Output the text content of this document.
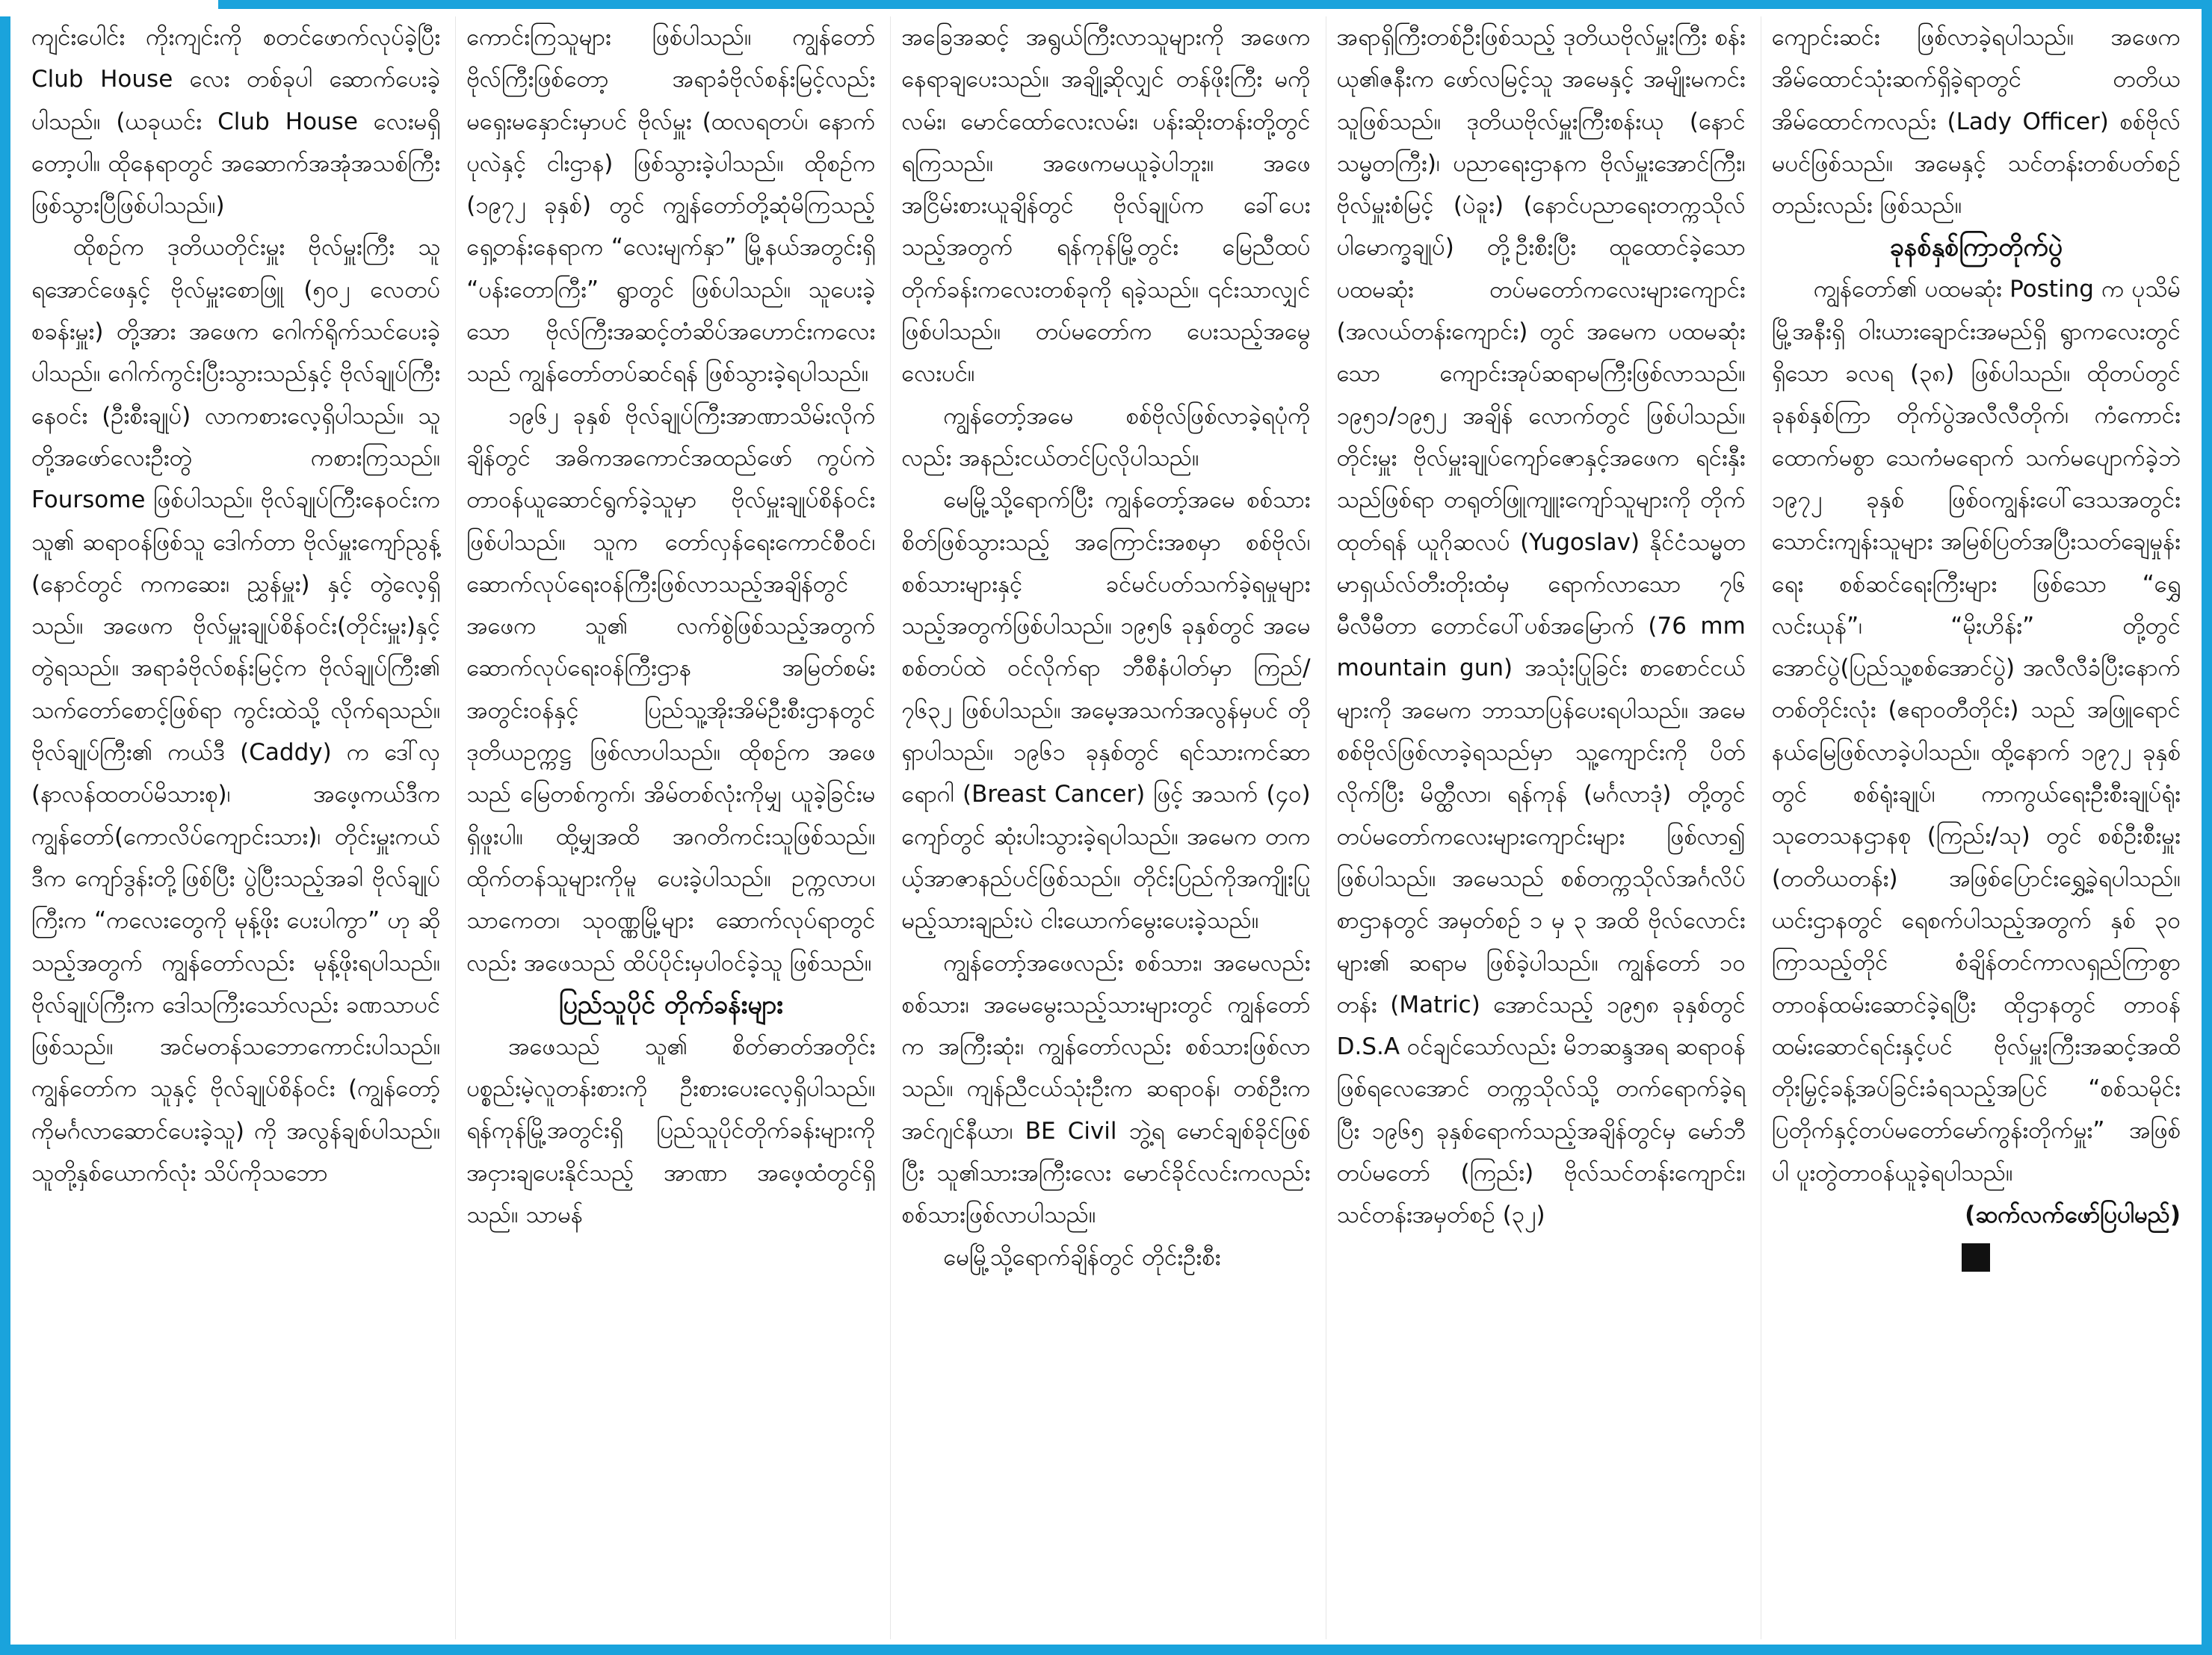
ကျင်းပေါင်း ကိုးကျင်းကို စတင်ဖောက်လုပ်ခဲ့ပြီး Club House လေး တစ်ခုပါ ဆောက်ပေးခဲ့ပါသည်။ (ယခုယင်း Club House လေးမရှိတော့ပါ။ ထိုနေရာတွင် အဆောက်အအုံအသစ်ကြီးဖြစ်သွားပြီဖြစ်ပါသည်။)

ထိုစဉ်က ဒုတိယတိုင်းမှူး ဗိုလ်မှူးကြီး သူရအောင်ဖေနှင့် ဗိုလ်မှူးစောဖြူ (၅၀၂ လေတပ်စခန်းမှူး) တို့အား အဖေက ဂေါက်ရိုက်သင်ပေးခဲ့ပါသည်။ ဂေါက်ကွင်းပြီးသွားသည်နှင့် ဗိုလ်ချုပ်ကြီးနေဝင်း (ဦးစီးချုပ်) လာကစားလေ့ရှိပါသည်။ သူတို့အဖော်လေးဦးတွဲ ကစားကြသည်။ Foursome ဖြစ်ပါသည်။ ဗိုလ်ချုပ်ကြီးနေဝင်းက သူ၏ ဆရာဝန်ဖြစ်သူ ဒေါက်တာ ဗိုလ်မှူးကျော်ညွန့် (နောင်တွင် ကကဆေး၊ ညွှန်မှူး) နှင့် တွဲလေ့ရှိသည်။ အဖေက ဗိုလ်မှူးချုပ်စိန်ဝင်း(တိုင်းမှူး)နှင့် တွဲရသည်။ အရာခံဗိုလ်စန်းမြင့်က ဗိုလ်ချုပ်ကြီး၏ သက်တော်စောင့်ဖြစ်ရာ ကွင်းထဲသို့ လိုက်ရသည်။ ဗိုလ်ချုပ်ကြီး၏ ကယ်ဒီ (Caddy) က ဒေါ်လှ (နာလန်ထတပ်မိသားစု)၊ အဖေ့ကယ်ဒီက ကျွန်တော်(ကောလိပ်ကျောင်းသား)၊ တိုင်းမှူးကယ်ဒီက ကျော်ဒွန်းတို့ဖြစ်ပြီး ပွဲပြီးသည့်အခါ ဗိုလ်ချုပ်ကြီးက “ကလေးတွေကို မုန့်ဖိုး ပေးပါကွာ” ဟု ဆိုသည့်အတွက် ကျွန်တော်လည်း မုန့်ဖိုးရပါသည်။ ဗိုလ်ချုပ်ကြီးက ဒေါသကြီးသော်လည်း ခဏသာပင်ဖြစ်သည်။ အင်မတန်သဘောကောင်းပါသည်။ ကျွန်တော်က သူနှင့် ဗိုလ်ချုပ်စိန်ဝင်း (ကျွန်တော့်ကိုမင်္ဂလာဆောင်ပေးခဲ့သူ) ကို အလွန်ချစ်ပါသည်။ သူတို့နှစ်ယောက်လုံး သိပ်ကိုသဘော

ကောင်းကြသူများ ဖြစ်ပါသည်။ ကျွန်တော်ဗိုလ်ကြီးဖြစ်တော့ အရာခံဗိုလ်စန်းမြင့်လည်း မရှေးမနှောင်းမှာပင် ဗိုလ်မှူး (ထလရတပ်၊ နောက်ပုလဲနှင့် ငါးဌာန) ဖြစ်သွားခဲ့ပါသည်။ ထိုစဉ်က (၁၉၇၂ ခုနှစ်) တွင် ကျွန်တော်တို့ဆုံမိကြသည့် ရှေ့တန်းနေရာက “လေးမျက်နှာ” မြို့နယ်အတွင်းရှိ “ပန်းတောကြီး” ရွာတွင် ဖြစ်ပါသည်။ သူပေးခဲ့သော ဗိုလ်ကြီးအဆင့်တံဆိပ်အဟောင်းကလေးသည် ကျွန်တော်တပ်ဆင်ရန် ဖြစ်သွားခဲ့ရပါသည်။

၁၉၆၂ ခုနှစ် ဗိုလ်ချုပ်ကြီးအာဏာသိမ်းလိုက်ချိန်တွင် အဓိကအကောင်အထည်ဖော် ကွပ်ကဲတာဝန်ယူဆောင်ရွက်ခဲ့သူမှာ ဗိုလ်မှူးချုပ်စိန်ဝင်း ဖြစ်ပါသည်။ သူက တော်လှန်ရေးကောင်စီဝင်၊ ဆောက်လုပ်ရေးဝန်ကြီးဖြစ်လာသည့်အချိန်တွင် အဖေက သူ၏ လက်စွဲဖြစ်သည့်အတွက် ဆောက်လုပ်ရေးဝန်ကြီးဌာန အမြတ်စမ်းအတွင်းဝန်နှင့် ပြည်သူ့အိုးအိမ်ဦးစီးဌာနတွင် ဒုတိယဥက္ကဋ္ဌ ဖြစ်လာပါသည်။ ထိုစဉ်က အဖေသည် မြေတစ်ကွက်၊ အိမ်တစ်လုံးကိုမျှ ယူခဲ့ခြင်းမရှိဖူးပါ။ ထို့မျှအထိ အဂတိကင်းသူဖြစ်သည်။ ထိုက်တန်သူများကိုမူ ပေးခဲ့ပါသည်။ ဥက္ကလာပ၊ သာကေတ၊ သုဝဏ္ဏမြို့များ ဆောက်လုပ်ရာတွင်လည်း အဖေသည် ထိပ်ပိုင်းမှပါဝင်ခဲ့သူ ဖြစ်သည်။

ပြည်သူပိုင် တိုက်ခန်းများ

အဖေသည် သူ၏ စိတ်ဓာတ်အတိုင်း ပစ္စည်းမဲ့လူတန်းစားကို ဦးစားပေးလေ့ရှိပါသည်။ ရန်ကုန်မြို့အတွင်းရှိ ပြည်သူပိုင်တိုက်ခန်းများကို အငှားချပေးနိုင်သည့် အာဏာ အဖေ့ထံတွင်ရှိသည်။ သာမန်

အခြေအဆင့် အရွယ်ကြီးလာသူများကို အဖေက နေရာချပေးသည်။ အချို့ဆိုလျှင် တန်ဖိုးကြီး မကိုလမ်း၊ မောင်ထော်လေးလမ်း၊ ပန်းဆိုးတန်းတို့တွင် ရကြသည်။ အဖေကမယူခဲ့ပါဘူး။ အဖေအငြိမ်းစားယူချိန်တွင် ဗိုလ်ချုပ်က ခေါ်ပေးသည့်အတွက် ရန်ကုန်မြို့တွင်း မြေညီထပ်တိုက်ခန်းကလေးတစ်ခုကို ရခဲ့သည်။ ၎င်းသာလျှင်ဖြစ်ပါသည်။ တပ်မတော်က ပေးသည့်အမွေလေးပင်။

ကျွန်တော့်အမေ စစ်ဗိုလ်ဖြစ်လာခဲ့ရပုံကိုလည်း အနည်းငယ်တင်ပြလိုပါသည်။

မေမြို့သို့ရောက်ပြီး ကျွန်တော့်အမေ စစ်သားစိတ်ဖြစ်သွားသည့် အကြောင်းအစမှာ စစ်ဗိုလ်၊ စစ်သားများနှင့် ခင်မင်ပတ်သက်ခဲ့ရမှုများသည့်အတွက်ဖြစ်ပါသည်။ ၁၉၅၆ ခုနှစ်တွင် အမေစစ်တပ်ထဲ ဝင်လိုက်ရာ ဘီစီနံပါတ်မှာ ကြည်/၇၆၃၂ ဖြစ်ပါသည်။ အမေ့အသက်အလွန်မှပင် တိုရှာပါသည်။ ၁၉၆၁ ခုနှစ်တွင် ရင်သားကင်ဆာရောဂါ (Breast Cancer) ဖြင့် အသက် (၄၀) ကျော်တွင် ဆုံးပါးသွားခဲ့ရပါသည်။ အမေက တကယ့်အာဇာနည်ပင်ဖြစ်သည်။ တိုင်းပြည်ကိုအကျိုးပြုမည့်သားချည်းပဲ ငါးယောက်မွေးပေးခဲ့သည်။

ကျွန်တော့်အဖေလည်း စစ်သား၊ အမေလည်း စစ်သား၊ အမေမွေးသည့်သားများတွင် ကျွန်တော်က အကြီးဆုံး၊ ကျွန်တော်လည်း စစ်သားဖြစ်လာသည်။ ကျန်ညီငယ်သုံးဦးက ဆရာဝန်၊ တစ်ဦးက အင်ဂျင်နီယာ၊ BE Civil ဘွဲ့ရ မောင်ချစ်ခိုင်ဖြစ်ပြီး သူ၏သားအကြီးလေး မောင်ခိုင်လင်းကလည်း စစ်သားဖြစ်လာပါသည်။

မေမြို့သို့ရောက်ချိန်တွင် တိုင်းဦးစီး

အရာရှိကြီးတစ်ဦးဖြစ်သည့် ဒုတိယဗိုလ်မှူးကြီး စန်းယု၏ဇနီးက ဖော်လမြင့်သူ အမေနှင့် အမျိုးမကင်းသူဖြစ်သည်။ ဒုတိယဗိုလ်မှူးကြီးစန်းယု (နောင်သမ္မတကြီး)၊ ပညာရေးဌာနက ဗိုလ်မှူးအောင်ကြီး၊ ဗိုလ်မှူးစံမြင့် (ပဲခူး) (နောင်ပညာရေးတက္ကသိုလ်ပါမောက္ခချုပ်) တို့ဦးစီးပြီး ထူထောင်ခဲ့သော ပထမဆုံး တပ်မတော်ကလေးများကျောင်း (အလယ်တန်းကျောင်း) တွင် အမေက ပထမဆုံးသော ကျောင်းအုပ်ဆရာမကြီးဖြစ်လာသည်။ ၁၉၅၁/၁၉၅၂ အချိန် လောက်တွင် ဖြစ်ပါသည်။ တိုင်းမှူး ဗိုလ်မှူးချုပ်ကျော်ဇောနှင့်အဖေက ရင်းနှီးသည်ဖြစ်ရာ တရုတ်ဖြူကျူးကျော်သူများကို တိုက်ထုတ်ရန် ယူဂိုဆလပ် (Yugoslav) နိုင်ငံသမ္မတ မာရှယ်လ်တီးတိုးထံမှ ရောက်လာသော ၇၆ မီလီမီတာ တောင်ပေါ်ပစ်အမြောက် (76 mm mountain gun) အသုံးပြုခြင်း စာစောင်ငယ်များကို အမေက ဘာသာပြန်ပေးရပါသည်။ အမေစစ်ဗိုလ်ဖြစ်လာခဲ့ရသည်မှာ သူ့ကျောင်းကို ပိတ်လိုက်ပြီး မိတ္ထီလာ၊ ရန်ကုန် (မင်္ဂလာဒုံ) တို့တွင် တပ်မတော်ကလေးများကျောင်းများ ဖြစ်လာ၍ ဖြစ်ပါသည်။ အမေသည် စစ်တက္ကသိုလ်အင်္ဂလိပ်စာဌာနတွင် အမှတ်စဉ် ၁ မှ ၃ အထိ ဗိုလ်လောင်းများ၏ ဆရာမ ဖြစ်ခဲ့ပါသည်။ ကျွန်တော် ၁၀ တန်း (Matric) အောင်သည့် ၁၉၅၈ ခုနှစ်တွင် D.S.A ဝင်ချင်သော်လည်း မိဘဆန္ဒအရ ဆရာဝန်ဖြစ်ရလေအောင် တက္ကသိုလ်သို့ တက်ရောက်ခဲ့ရပြီး ၁၉၆၅ ခုနှစ်ရောက်သည့်အချိန်တွင်မှ မော်ဘီ တပ်မတော် (ကြည်း) ဗိုလ်သင်တန်းကျောင်း၊ သင်တန်းအမှတ်စဉ် (၃၂)

ကျောင်းဆင်း ဖြစ်လာခဲ့ရပါသည်။ အဖေက အိမ်ထောင်သုံးဆက်ရှိခဲ့ရာတွင် တတိယအိမ်ထောင်ကလည်း (Lady Officer) စစ်ဗိုလ်မပင်ဖြစ်သည်။ အမေနှင့် သင်တန်းတစ်ပတ်စဉ်တည်းလည်း ဖြစ်သည်။

ခုနစ်နှစ်ကြာတိုက်ပွဲ

ကျွန်တော်၏ ပထမဆုံး Posting က ပုသိမ်မြို့အနီးရှိ ဝါးယားချောင်းအမည်ရှိ ရွာကလေးတွင်ရှိသော ခလရ (၃၈) ဖြစ်ပါသည်။ ထိုတပ်တွင် ခုနစ်နှစ်ကြာ တိုက်ပွဲအလီလီတိုက်၊ ကံကောင်းထောက်မစွာ သေကံမရောက် သက်မပျောက်ခဲ့ဘဲ ၁၉၇၂ ခုနှစ် ဖြစ်ဝကျွန်းပေါ်ဒေသအတွင်း သောင်းကျန်းသူများ အမြစ်ပြတ်အပြီးသတ်ချေမှုန်းရေး စစ်ဆင်ရေးကြီးများ ဖြစ်သော “ရွှေလင်းယုန်”၊ “မိုးဟိန်း” တို့တွင် အောင်ပွဲ(ပြည်သူ့စစ်အောင်ပွဲ) အလီလီခံပြီးနောက် တစ်တိုင်းလုံး (ဧရာဝတီတိုင်း) သည် အဖြူရောင်နယ်မြေဖြစ်လာခဲ့ပါသည်။ ထို့နောက် ၁၉၇၂ ခုနှစ်တွင် စစ်ရုံးချုပ်၊ ကာကွယ်ရေးဦးစီးချုပ်ရုံး သုတေသနဌာနစု (ကြည်း/သု) တွင် စစ်ဦးစီးမှူး (တတိယတန်း) အဖြစ်ပြောင်းရွှေ့ခဲ့ရပါသည်။ ယင်းဌာနတွင် ရေစက်ပါသည့်အတွက် နှစ် ၃၀ ကြာသည့်တိုင် စံချိန်တင်ကာလရှည်ကြာစွာ တာဝန်ထမ်းဆောင်ခဲ့ရပြီး ထိုဌာနတွင် တာဝန်ထမ်းဆောင်ရင်းနှင့်ပင် ဗိုလ်မှူးကြီးအဆင့်အထိ တိုးမြှင့်ခန့်အပ်ခြင်းခံရသည့်အပြင် “စစ်သမိုင်းပြတိုက်နှင့်တပ်မတော်မော်ကွန်းတိုက်မှူး” အဖြစ်ပါ ပူးတွဲတာဝန်ယူခဲ့ရပါသည်။

(ဆက်လက်ဖော်ပြပါမည်)
